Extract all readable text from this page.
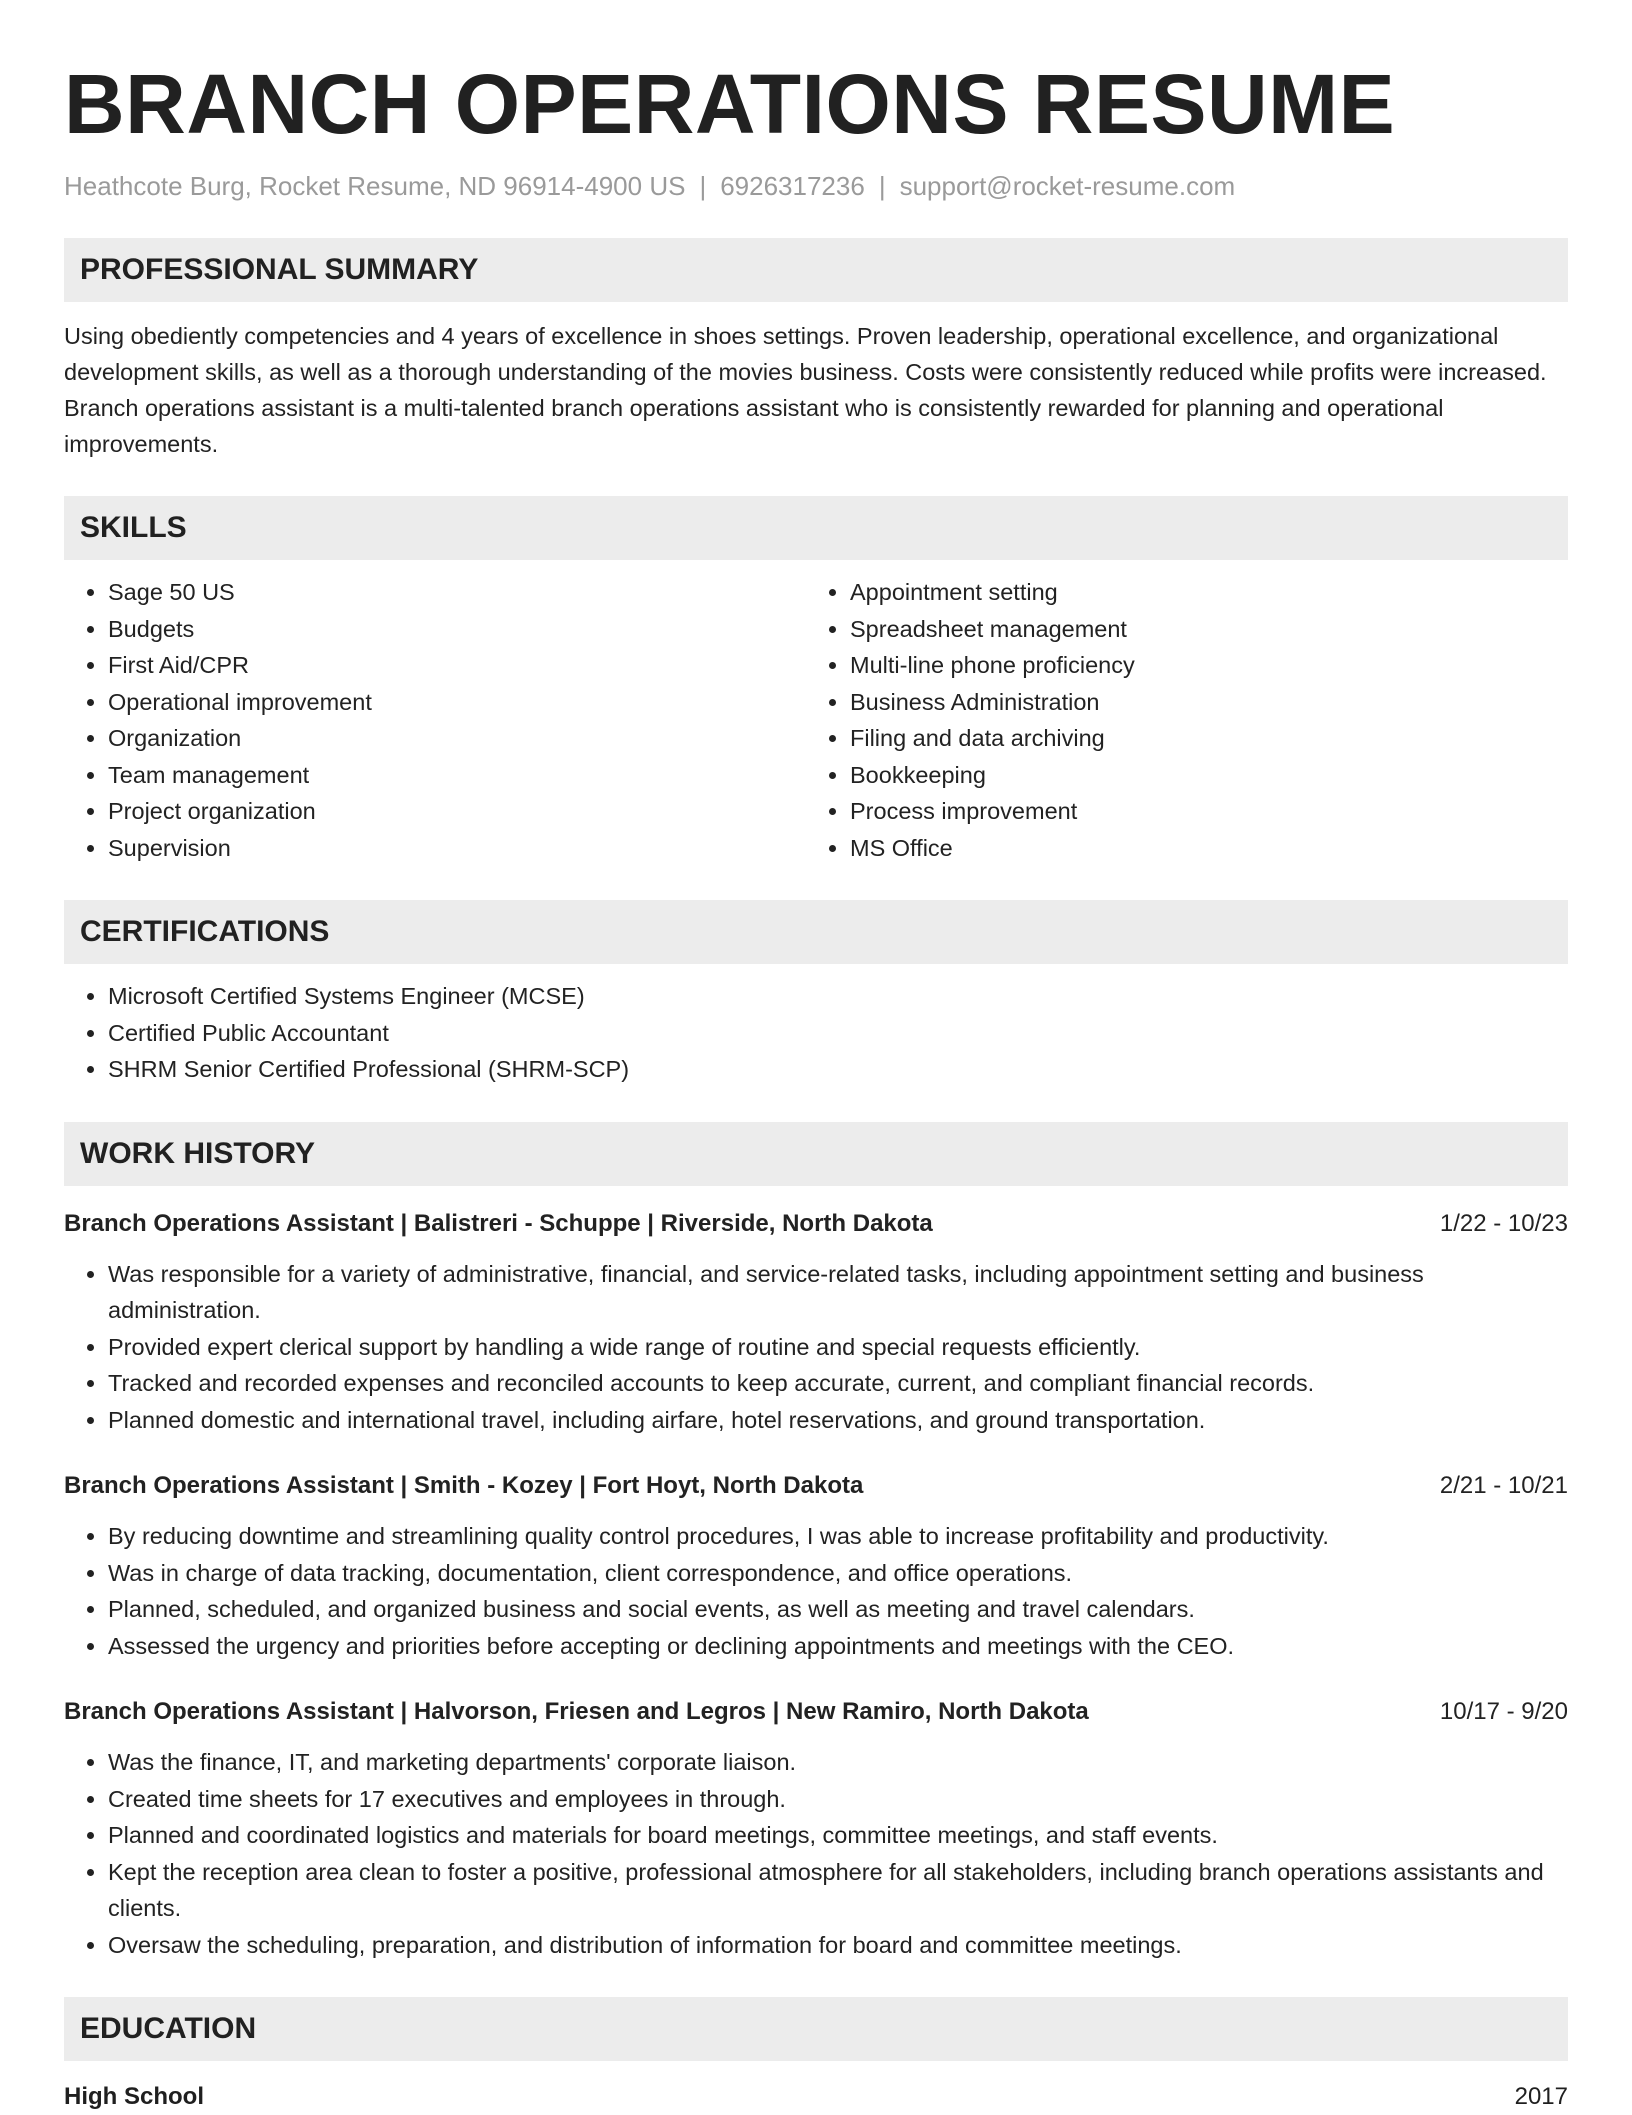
BRANCH OPERATIONS RESUME
Heathcote Burg, Rocket Resume, ND 96914-4900 US | 6926317236 | support@rocket-resume.com
PROFESSIONAL SUMMARY

Using obediently competencies and 4 years of excellence in shoes settings. Proven leadership, operational excellence, and organizational development skills, as well as a thorough understanding of the movies business. Costs were consistently reduced while profits were increased. Branch operations assistant is a multi-talented branch operations assistant who is consistently rewarded for planning and operational improvements.

SKILLS
• Sage 50 US
• Budgets
• First Aid/CPR
• Operational improvement
• Organization
• Team management
• Project organization
• Supervision
• Appointment setting
• Spreadsheet management
• Multi-line phone proficiency
• Business Administration
• Filing and data archiving
• Bookkeeping
• Process improvement
• MS Office
CERTIFICATIONS
• Microsoft Certified Systems Engineer (MCSE)
• Certified Public Accountant
• SHRM Senior Certified Professional (SHRM-SCP)
WORK HISTORY
Branch Operations Assistant | Balistreri - Schuppe | Riverside, North Dakota	1/22 - 10/23
• Was responsible for a variety of administrative, financial, and service-related tasks, including appointment setting and business administration.
• Provided expert clerical support by handling a wide range of routine and special requests efficiently.
• Tracked and recorded expenses and reconciled accounts to keep accurate, current, and compliant financial records.
• Planned domestic and international travel, including airfare, hotel reservations, and ground transportation.
Branch Operations Assistant | Smith - Kozey | Fort Hoyt, North Dakota	2/21 - 10/21
• By reducing downtime and streamlining quality control procedures, I was able to increase profitability and productivity.
• Was in charge of data tracking, documentation, client correspondence, and office operations.
• Planned, scheduled, and organized business and social events, as well as meeting and travel calendars.
• Assessed the urgency and priorities before accepting or declining appointments and meetings with the CEO.
Branch Operations Assistant | Halvorson, Friesen and Legros | New Ramiro, North Dakota	10/17 - 9/20
• Was the finance, IT, and marketing departments' corporate liaison.
• Created time sheets for 17 executives and employees in through.
• Planned and coordinated logistics and materials for board meetings, committee meetings, and staff events.
• Kept the reception area clean to foster a positive, professional atmosphere for all stakeholders, including branch operations assistants and clients.
• Oversaw the scheduling, preparation, and distribution of information for board and committee meetings.
EDUCATION
High School	2017
